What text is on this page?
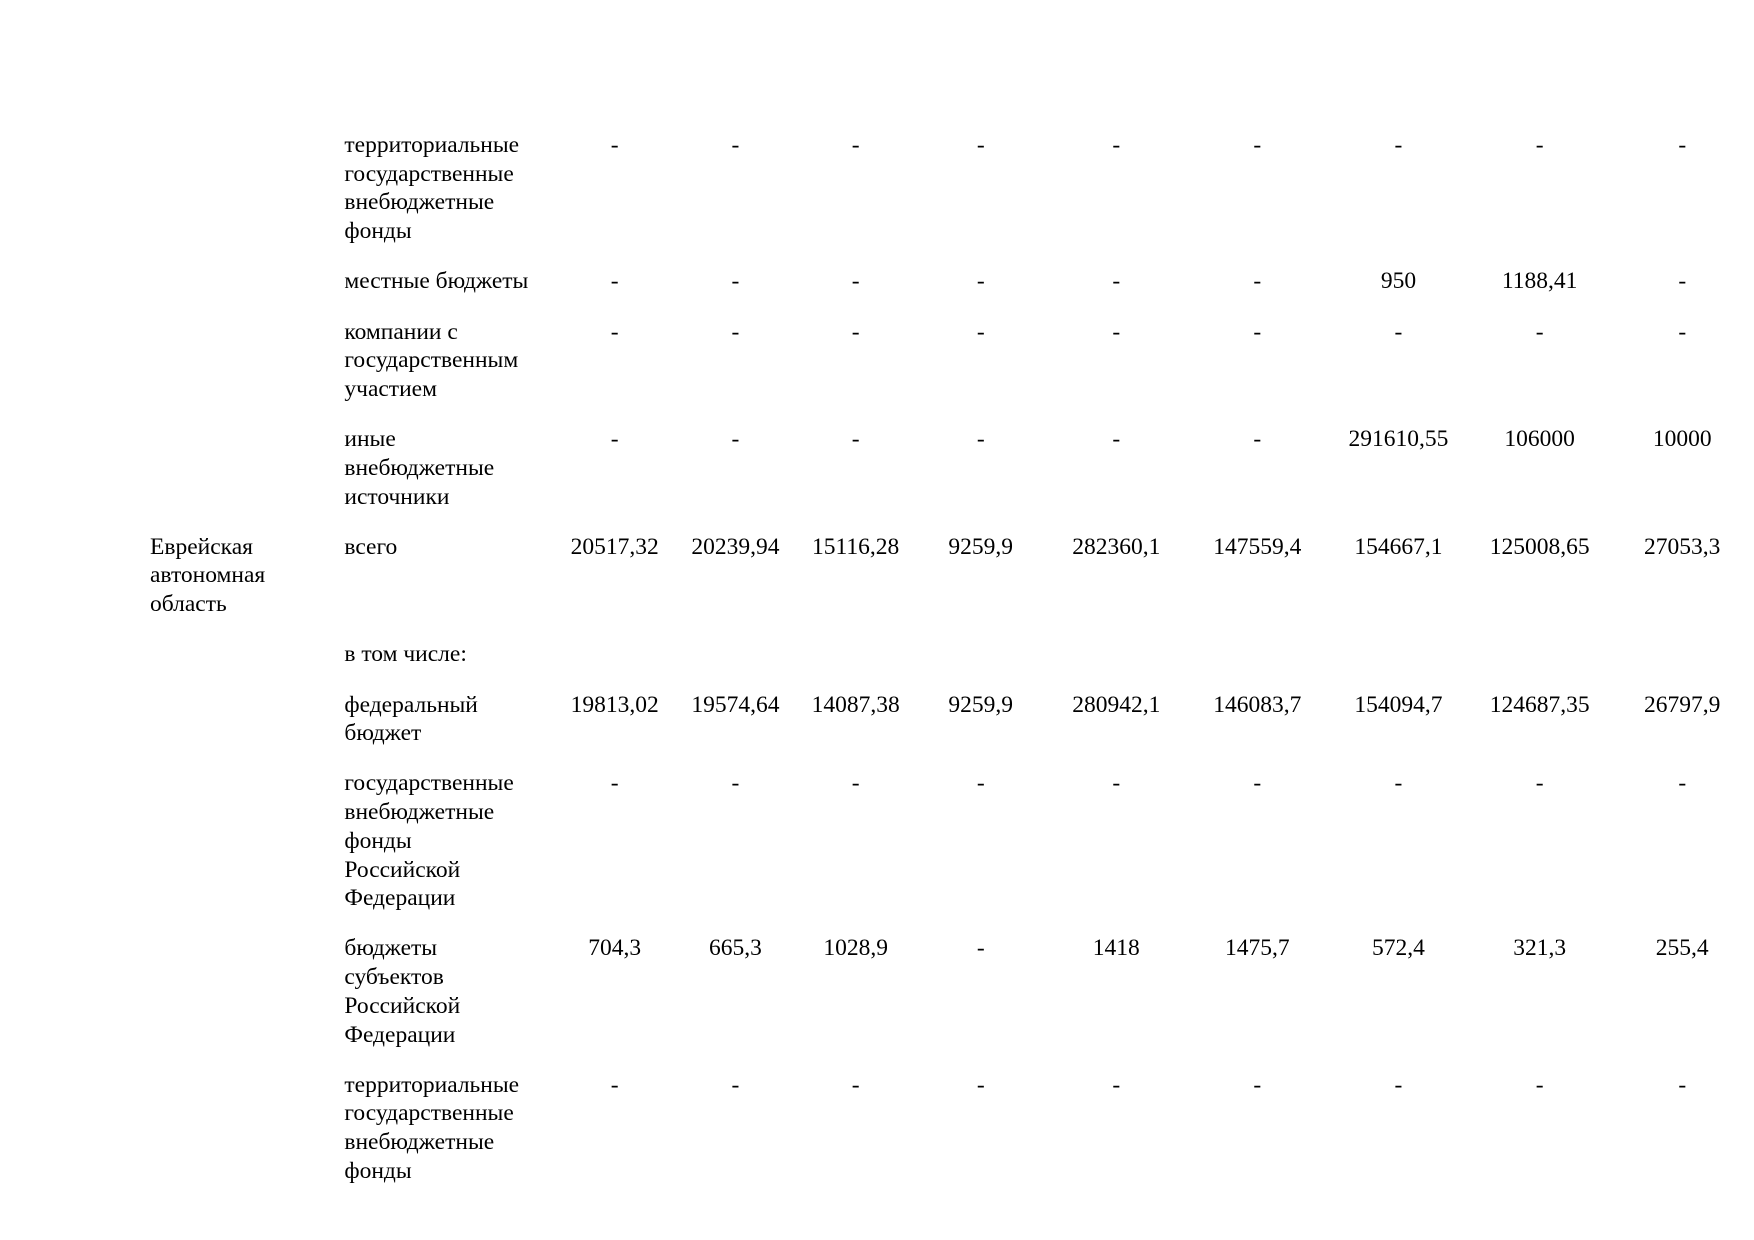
	территориальные
государственные
внебюджетные
фонды	-	-	-	-	-	-	-	-	-

	местные бюджеты	-	-	-	-	-	-	950	1188,41	-

	компании с
государственным
участием	-	-	-	-	-	-	-	-	-

	иные
внебюджетные
источники	-	-	-	-	-	-	291610,55	106000	10000

Еврейская
автономная
область	всего	20517,32	20239,94	15116,28	9259,9	282360,1	147559,4	154667,1	125008,65	27053,3

	в том числе:									

	федеральный
бюджет	19813,02	19574,64	14087,38	9259,9	280942,1	146083,7	154094,7	124687,35	26797,9

	государственные
внебюджетные
фонды
Российской
Федерации	-	-	-	-	-	-	-	-	-

	бюджеты
субъектов
Российской
Федерации	704,3	665,3	1028,9	-	1418	1475,7	572,4	321,3	255,4

	территориальные
государственные
внебюджетные
фонды	-	-	-	-	-	-	-	-	-
